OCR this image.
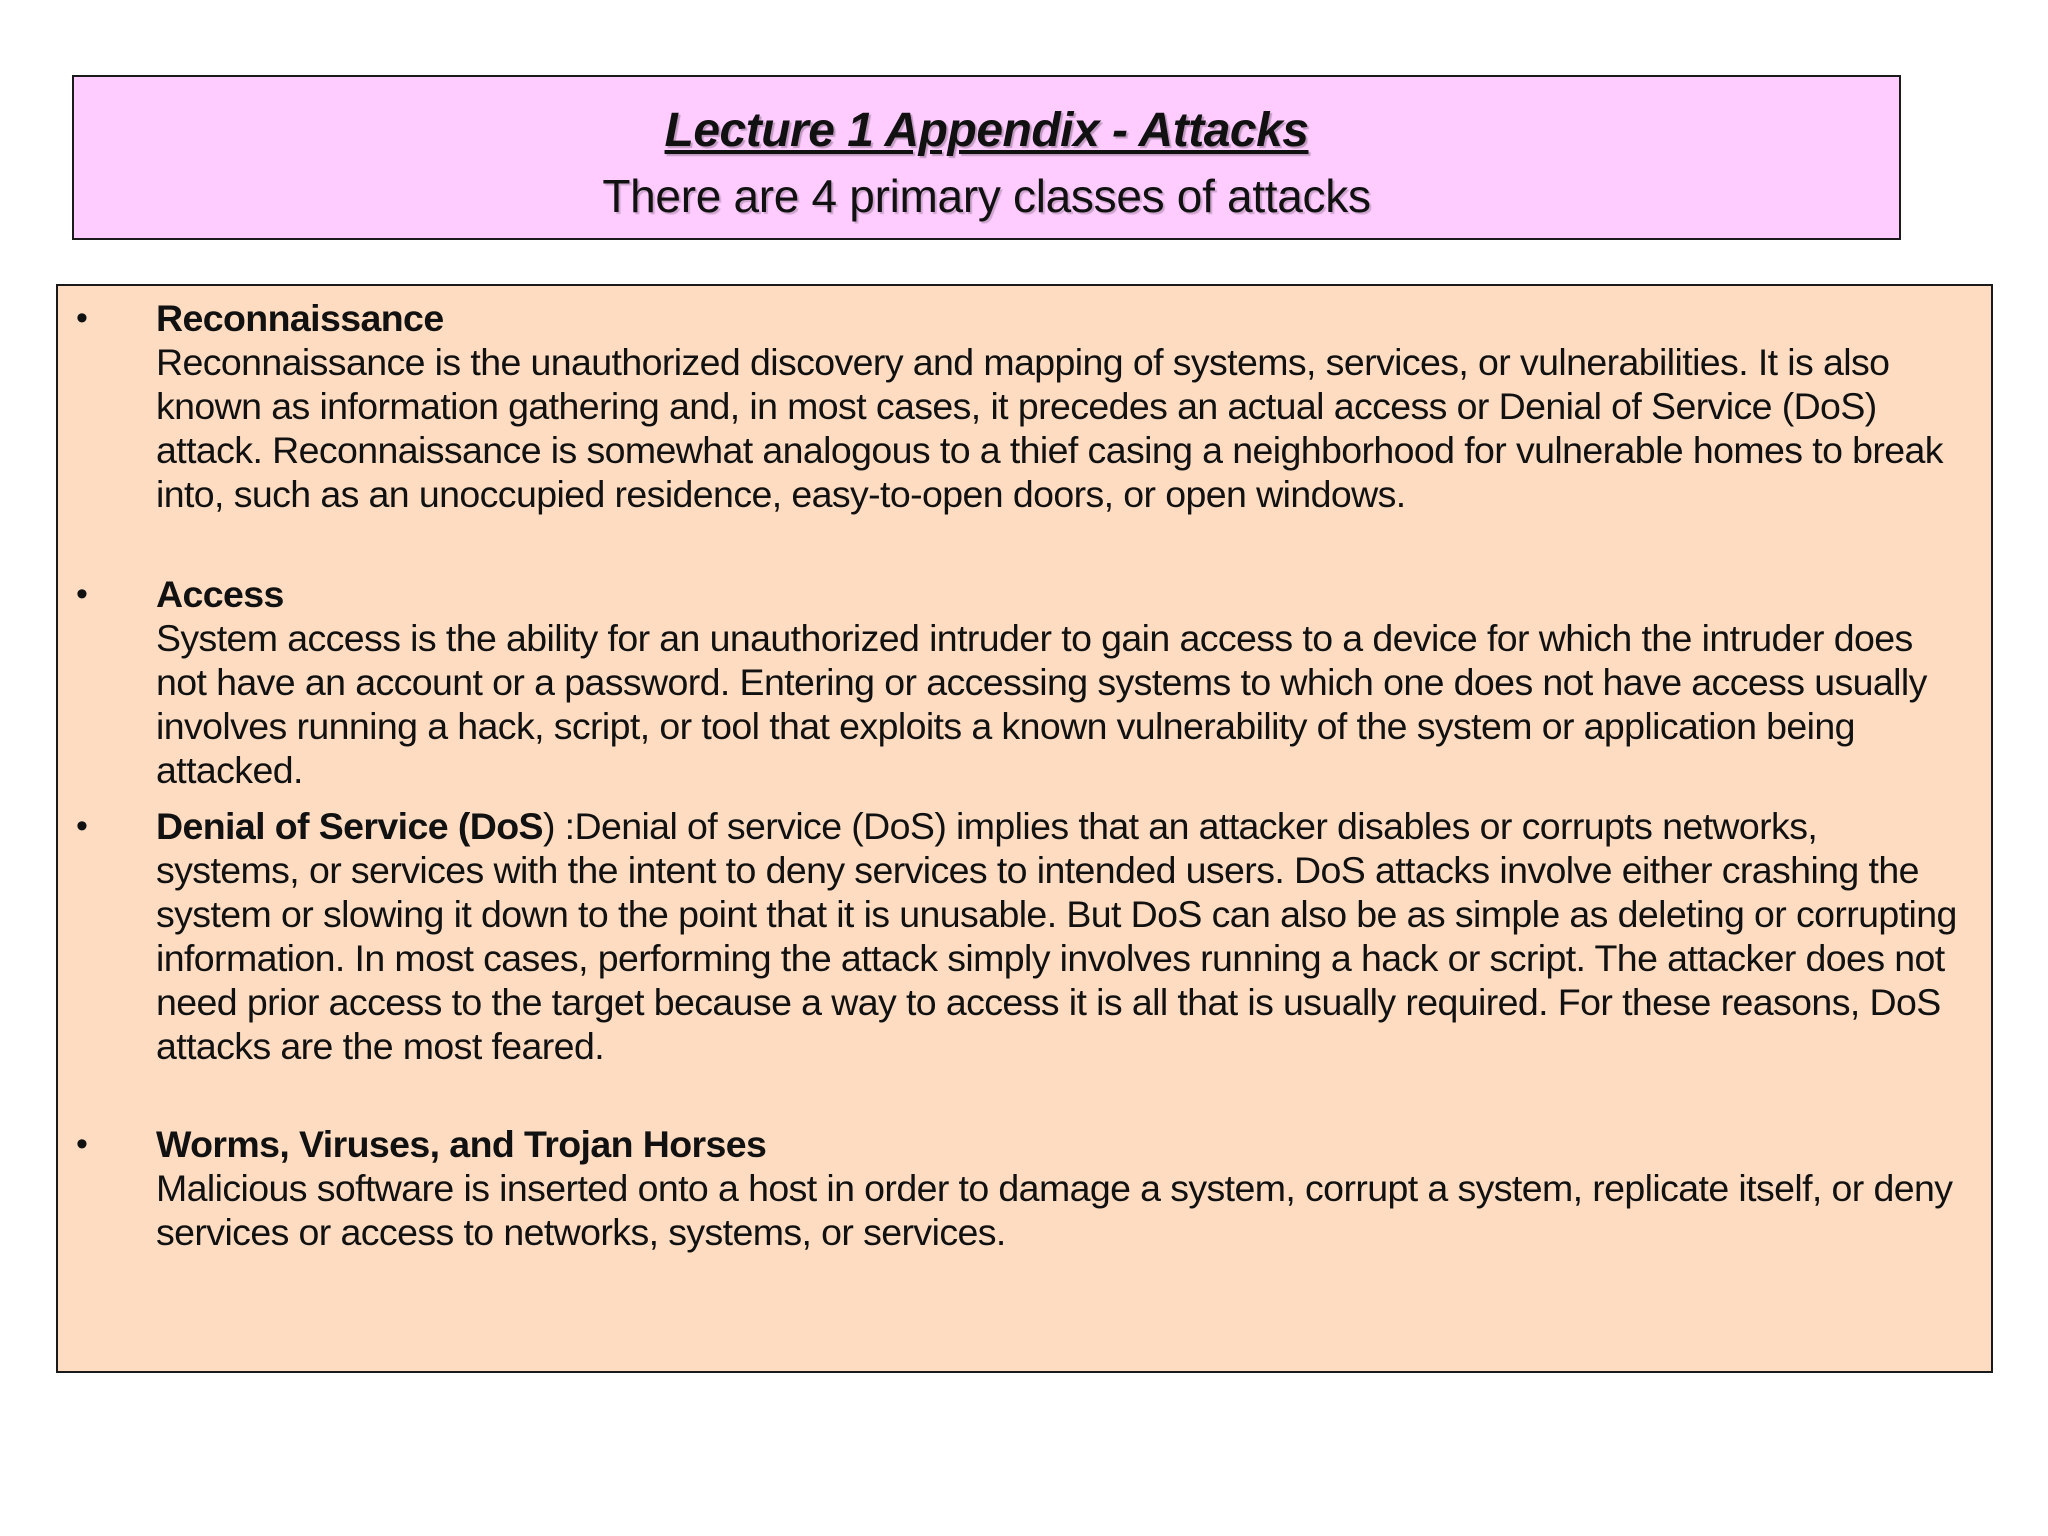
Lecture 1 Appendix - Attacks
There are 4 primary classes of attacks
• Reconnaissance
Reconnaissance is the unauthorized discovery and mapping of systems, services, or vulnerabilities. It is also known as information gathering and, in most cases, it precedes an actual access or Denial of Service (DoS) attack. Reconnaissance is somewhat analogous to a thief casing a neighborhood for vulnerable homes to break into, such as an unoccupied residence, easy-to-open doors, or open windows.
• Access
System access is the ability for an unauthorized intruder to gain access to a device for which the intruder does not have an account or a password. Entering or accessing systems to which one does not have access usually involves running a hack, script, or tool that exploits a known vulnerability of the system or application being attacked.
• Denial of Service (DoS) :Denial of service (DoS) implies that an attacker disables or corrupts networks, systems, or services with the intent to deny services to intended users. DoS attacks involve either crashing the system or slowing it down to the point that it is unusable. But DoS can also be as simple as deleting or corrupting information. In most cases, performing the attack simply involves running a hack or script. The attacker does not need prior access to the target because a way to access it is all that is usually required. For these reasons, DoS attacks are the most feared.
• Worms, Viruses, and Trojan Horses
Malicious software is inserted onto a host in order to damage a system, corrupt a system, replicate itself, or deny services or access to networks, systems, or services.
